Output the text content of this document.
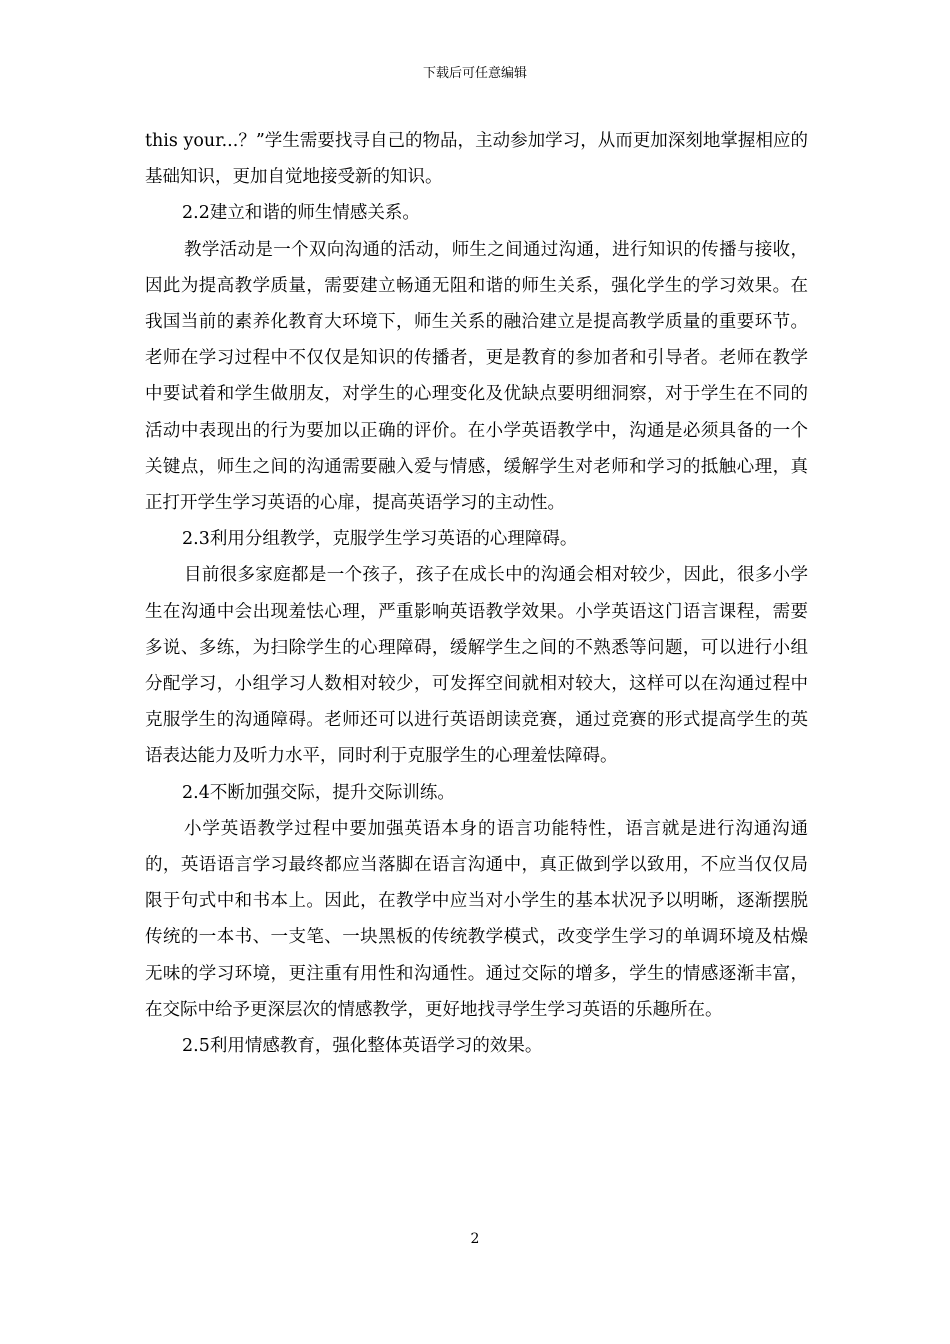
下载后可任意编辑

this your...？”学生需要找寻自己的物品，主动参加学习，从而更加深刻地掌握相应的基础知识，更加自觉地接受新的知识。

2.2建立和谐的师生情感关系。

教学活动是一个双向沟通的活动，师生之间通过沟通，进行知识的传播与接收，因此为提高教学质量，需要建立畅通无阻和谐的师生关系，强化学生的学习效果。在我国当前的素养化教育大环境下，师生关系的融洽建立是提高教学质量的重要环节。老师在学习过程中不仅仅是知识的传播者，更是教育的参加者和引导者。老师在教学中要试着和学生做朋友，对学生的心理变化及优缺点要明细洞察，对于学生在不同的活动中表现出的行为要加以正确的评价。在小学英语教学中，沟通是必须具备的一个关键点，师生之间的沟通需要融入爱与情感，缓解学生对老师和学习的抵触心理，真正打开学生学习英语的心扉，提高英语学习的主动性。

2.3利用分组教学，克服学生学习英语的心理障碍。

目前很多家庭都是一个孩子，孩子在成长中的沟通会相对较少，因此，很多小学生在沟通中会出现羞怯心理，严重影响英语教学效果。小学英语这门语言课程，需要多说、多练，为扫除学生的心理障碍，缓解学生之间的不熟悉等问题，可以进行小组分配学习，小组学习人数相对较少，可发挥空间就相对较大，这样可以在沟通过程中克服学生的沟通障碍。老师还可以进行英语朗读竞赛，通过竞赛的形式提高学生的英语表达能力及听力水平，同时利于克服学生的心理羞怯障碍。

2.4不断加强交际，提升交际训练。

小学英语教学过程中要加强英语本身的语言功能特性，语言就是进行沟通沟通的，英语语言学习最终都应当落脚在语言沟通中，真正做到学以致用，不应当仅仅局限于句式中和书本上。因此，在教学中应当对小学生的基本状况予以明晰，逐渐摆脱传统的一本书、一支笔、一块黑板的传统教学模式，改变学生学习的单调环境及枯燥无味的学习环境，更注重有用性和沟通性。通过交际的增多，学生的情感逐渐丰富，在交际中给予更深层次的情感教学，更好地找寻学生学习英语的乐趣所在。

2.5利用情感教育，强化整体英语学习的效果。

2
